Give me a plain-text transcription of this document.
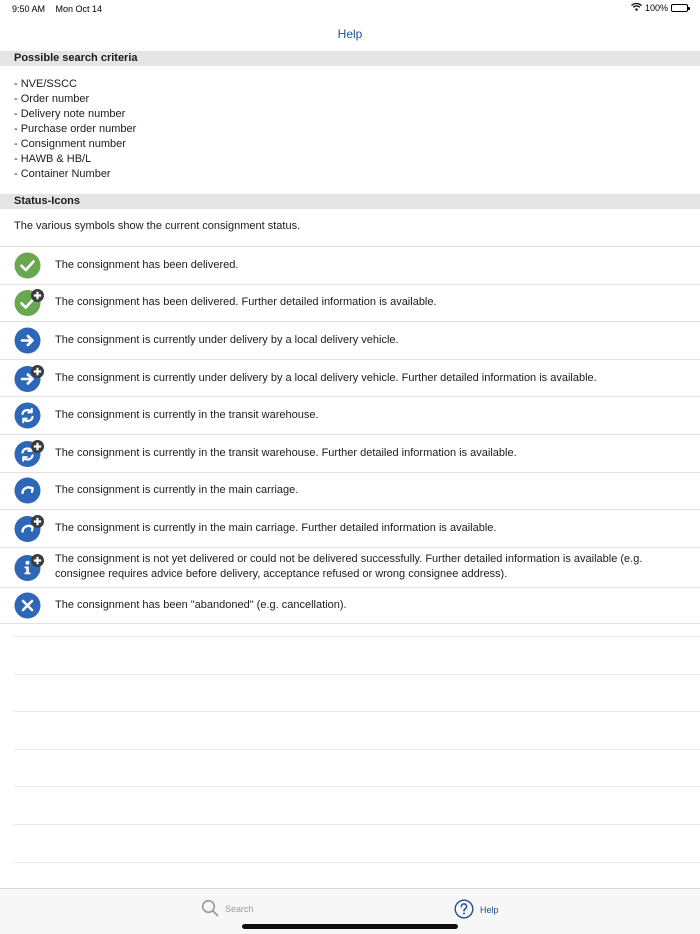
9:50 AM Mon Oct 14	100%
Help
Possible search criteria
- NVE/SSCC
- Order number
- Delivery note number
- Purchase order number
- Consignment number
- HAWB & HB/L
- Container Number
Status-Icons
The various symbols show the current consignment status.
The consignment has been delivered.
The consignment has been delivered. Further detailed information is available.
The consignment is currently under delivery by a local delivery vehicle.
The consignment is currently under delivery by a local delivery vehicle. Further detailed information is available.
The consignment is currently in the transit warehouse.
The consignment is currently in the transit warehouse. Further detailed information is available.
The consignment is currently in the main carriage.
The consignment is currently in the main carriage. Further detailed information is available.
The consignment is not yet delivered or could not be delivered successfully. Further detailed information is available (e.g. consignee requires advice before delivery, acceptance refused or wrong consignee address).
The consignment has been "abandoned" (e.g. cancellation).
Search	Help
